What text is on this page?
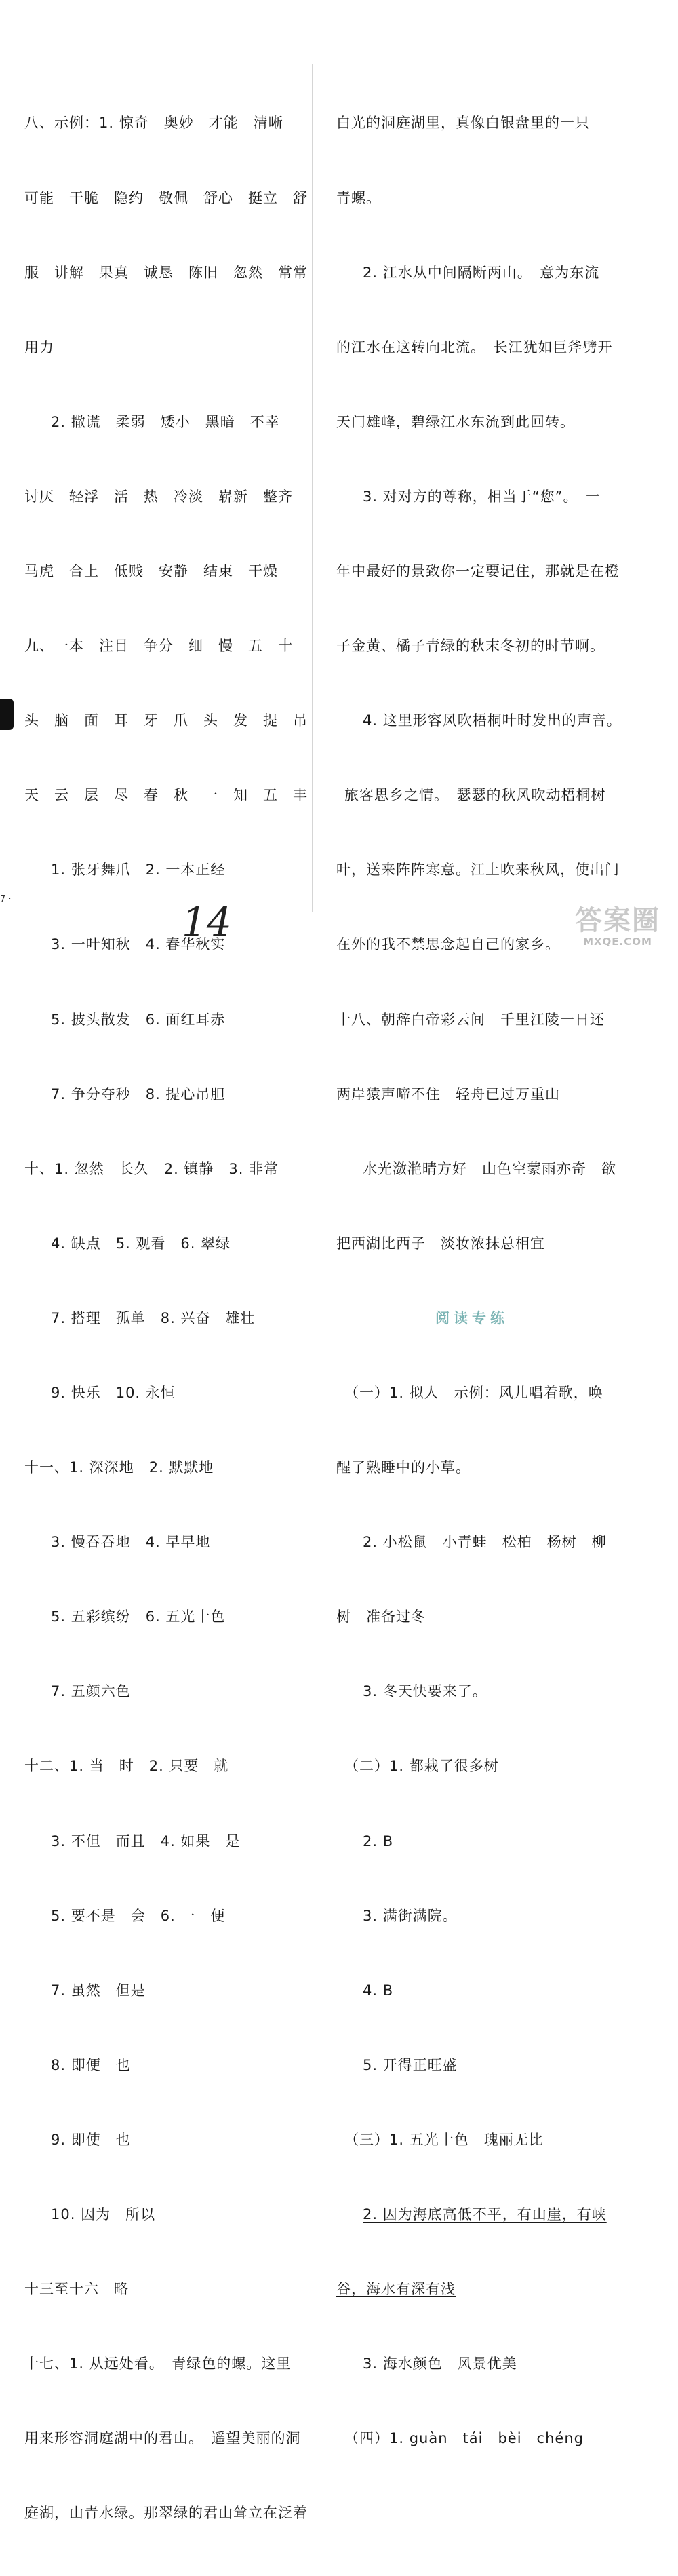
八、示例：1. 惊奇　奥妙　才能　清晰

可能　干脆　隐约　敬佩　舒心　挺立　舒

服　讲解　果真　诚恳　陈旧　忽然　常常

用力

2. 撒谎　柔弱　矮小　黑暗　不幸

讨厌　轻浮　活　热　冷淡　崭新　整齐

马虎　合上　低贱　安静　结束　干燥

九、一本　注目　争分　细　慢　五　十

头　脑　面　耳　牙　爪　头　发　提　吊

天　云　层　尽　春　秋　一　知　五　丰

1. 张牙舞爪　2. 一本正经

3. 一叶知秋　4. 春华秋实

5. 披头散发　6. 面红耳赤

7. 争分夺秒　8. 提心吊胆

十、1. 忽然　长久　2. 镇静　3. 非常

4. 缺点　5. 观看　6. 翠绿

7. 搭理　孤单　8. 兴奋　雄壮

9. 快乐　10. 永恒

十一、1. 深深地　2. 默默地

3. 慢吞吞地　4. 早早地

5. 五彩缤纷　6. 五光十色

7. 五颜六色

十二、1. 当　时　2. 只要　就

3. 不但　而且　4. 如果　是

5. 要不是　会　6. 一　便

7. 虽然　但是

8. 即便　也

9. 即使　也

10. 因为　所以

十三至十六　略

十七、1. 从远处看。　青绿色的螺。这里

用来形容洞庭湖中的君山。　遥望美丽的洞

庭湖，山青水绿。那翠绿的君山耸立在泛着

白光的洞庭湖里，真像白银盘里的一只

青螺。

2. 江水从中间隔断两山。　意为东流

的江水在这转向北流。　长江犹如巨斧劈开

天门雄峰，碧绿江水东流到此回转。

3. 对对方的尊称，相当于“您”。　一

年中最好的景致你一定要记住，那就是在橙

子金黄、橘子青绿的秋末冬初的时节啊。

4. 这里形容风吹梧桐叶时发出的声音。

旅客思乡之情。　瑟瑟的秋风吹动梧桐树

叶，送来阵阵寒意。江上吹来秋风，使出门

在外的我不禁思念起自己的家乡。

十八、朝辞白帝彩云间　千里江陵一日还

两岸猿声啼不住　轻舟已过万重山

水光潋滟晴方好　山色空蒙雨亦奇　欲

把西湖比西子　淡妆浓抹总相宜

阅读专练

（一）1. 拟人　示例：风儿唱着歌，唤

醒了熟睡中的小草。

2. 小松鼠　小青蛙　松柏　杨树　柳

树　准备过冬

3. 冬天快要来了。

（二）1. 都栽了很多树

2. B

3. 满街满院。

4. B

5. 开得正旺盛

（三）1. 五光十色　瑰丽无比

2. 因为海底高低不平，有山崖，有峡

谷，海水有深有浅

3. 海水颜色　风景优美

（四）1. guàn　tái　bèi　chéng

7 ·	14	答案圈
MXQE.COM
